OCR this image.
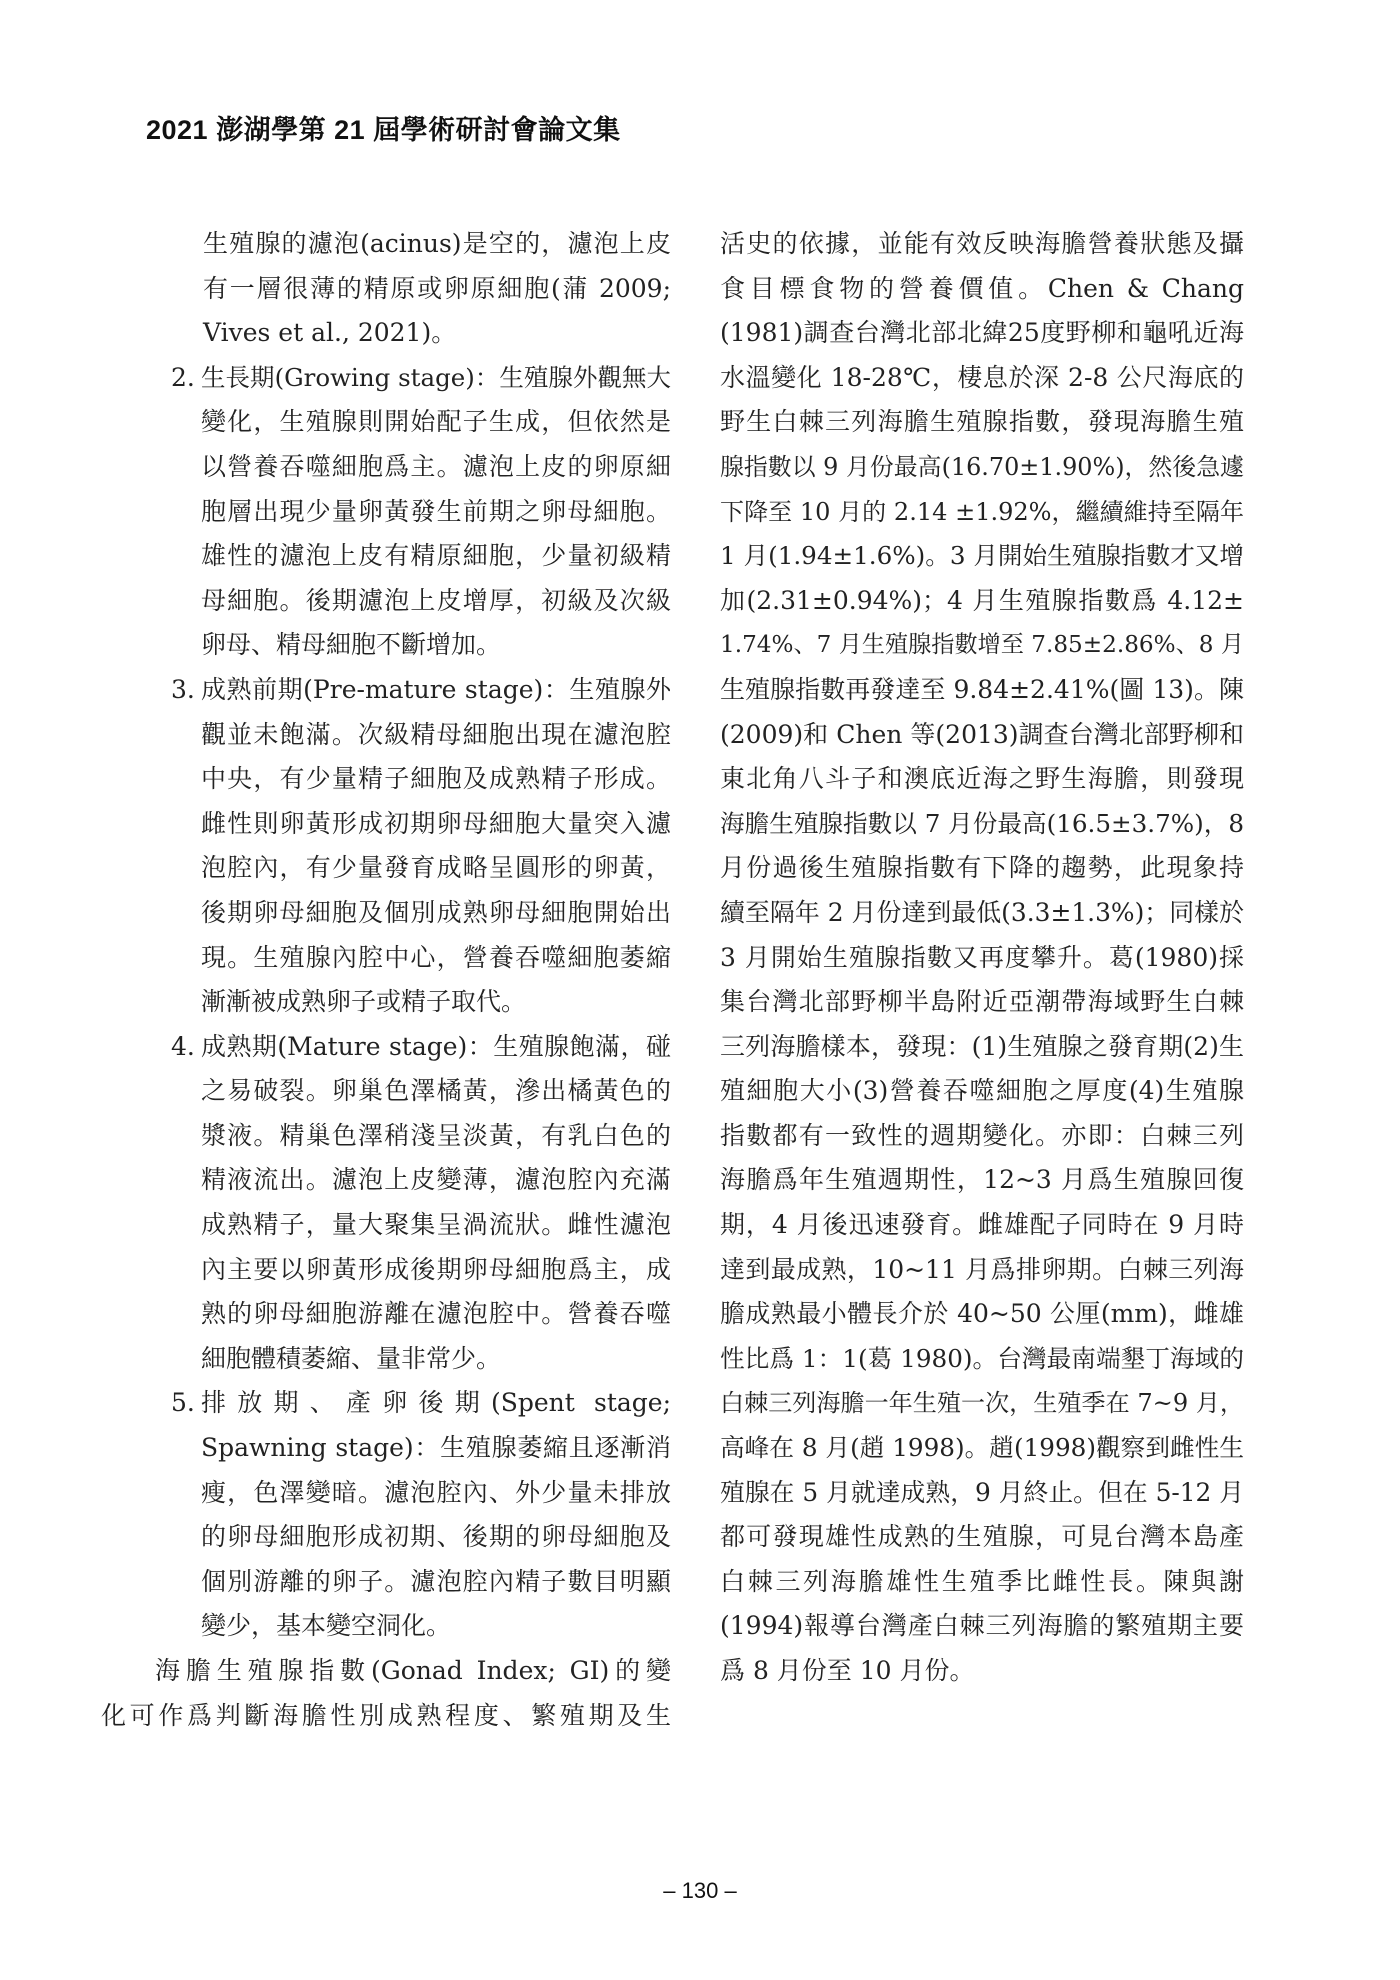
2021 澎湖學第 21 屆學術研討會論文集
生殖腺的濾泡(acinus)是空的，濾泡上皮
有一層很薄的精原或卵原細胞(蒲 2009;
Vives et al., 2021)。
2. 生長期(Growing stage)：生殖腺外觀無大
變化，生殖腺則開始配子生成，但依然是
以營養吞噬細胞爲主。濾泡上皮的卵原細
胞層出現少量卵黃發生前期之卵母細胞。
雄性的濾泡上皮有精原細胞，少量初級精
母細胞。後期濾泡上皮增厚，初級及次級
卵母、精母細胞不斷增加。
3. 成熟前期(Pre-mature stage)：生殖腺外
觀並未飽滿。次級精母細胞出現在濾泡腔
中央，有少量精子細胞及成熟精子形成。
雌性則卵黃形成初期卵母細胞大量突入濾
泡腔內，有少量發育成略呈圓形的卵黃，
後期卵母細胞及個別成熟卵母細胞開始出
現。生殖腺內腔中心，營養吞噬細胞萎縮
漸漸被成熟卵子或精子取代。
4. 成熟期(Mature stage)：生殖腺飽滿，碰
之易破裂。卵巢色澤橘黃，滲出橘黃色的
漿液。精巢色澤稍淺呈淡黃，有乳白色的
精液流出。濾泡上皮變薄，濾泡腔內充滿
成熟精子，量大聚集呈渦流狀。雌性濾泡
內主要以卵黃形成後期卵母細胞爲主，成
熟的卵母細胞游離在濾泡腔中。營養吞噬
細胞體積萎縮、量非常少。
5. 排放期、產卵後期(Spent stage;
Spawning stage)：生殖腺萎縮且逐漸消
瘦，色澤變暗。濾泡腔內、外少量未排放
的卵母細胞形成初期、後期的卵母細胞及
個別游離的卵子。濾泡腔內精子數目明顯
變少，基本變空洞化。
海膽生殖腺指數(Gonad Index; GI)的變
化可作爲判斷海膽性別成熟程度、繁殖期及生
活史的依據，並能有效反映海膽營養狀態及攝
食目標食物的營養價值。Chen & Chang
(1981)調查台灣北部北緯25度野柳和龜吼近海
水溫變化 18-28℃，棲息於深 2-8 公尺海底的
野生白棘三列海膽生殖腺指數，發現海膽生殖
腺指數以 9 月份最高(16.70±1.90%)，然後急遽
下降至 10 月的 2.14 ±1.92%，繼續維持至隔年
1 月(1.94±1.6%)。3 月開始生殖腺指數才又增
加(2.31±0.94%)；4 月生殖腺指數爲 4.12±
1.74%、7 月生殖腺指數增至 7.85±2.86%、8 月
生殖腺指數再發達至 9.84±2.41%(圖 13)。陳
(2009)和 Chen 等(2013)調查台灣北部野柳和
東北角八斗子和澳底近海之野生海膽，則發現
海膽生殖腺指數以 7 月份最高(16.5±3.7%)，8
月份過後生殖腺指數有下降的趨勢，此現象持
續至隔年 2 月份達到最低(3.3±1.3%)；同樣於
3 月開始生殖腺指數又再度攀升。葛(1980)採
集台灣北部野柳半島附近亞潮帶海域野生白棘
三列海膽樣本，發現：(1)生殖腺之發育期(2)生
殖細胞大小(3)營養吞噬細胞之厚度(4)生殖腺
指數都有一致性的週期變化。亦即：白棘三列
海膽爲年生殖週期性，12~3 月爲生殖腺回復
期，4 月後迅速發育。雌雄配子同時在 9 月時
達到最成熟，10~11 月爲排卵期。白棘三列海
膽成熟最小體長介於 40~50 公厘(mm)，雌雄
性比爲 1：1(葛 1980)。台灣最南端墾丁海域的
白棘三列海膽一年生殖一次，生殖季在 7~9 月，
高峰在 8 月(趙 1998)。趙(1998)觀察到雌性生
殖腺在 5 月就達成熟，9 月終止。但在 5-12 月
都可發現雄性成熟的生殖腺，可見台灣本島產
白棘三列海膽雄性生殖季比雌性長。陳與謝
(1994)報導台灣產白棘三列海膽的繁殖期主要
爲 8 月份至 10 月份。
– 130 –
